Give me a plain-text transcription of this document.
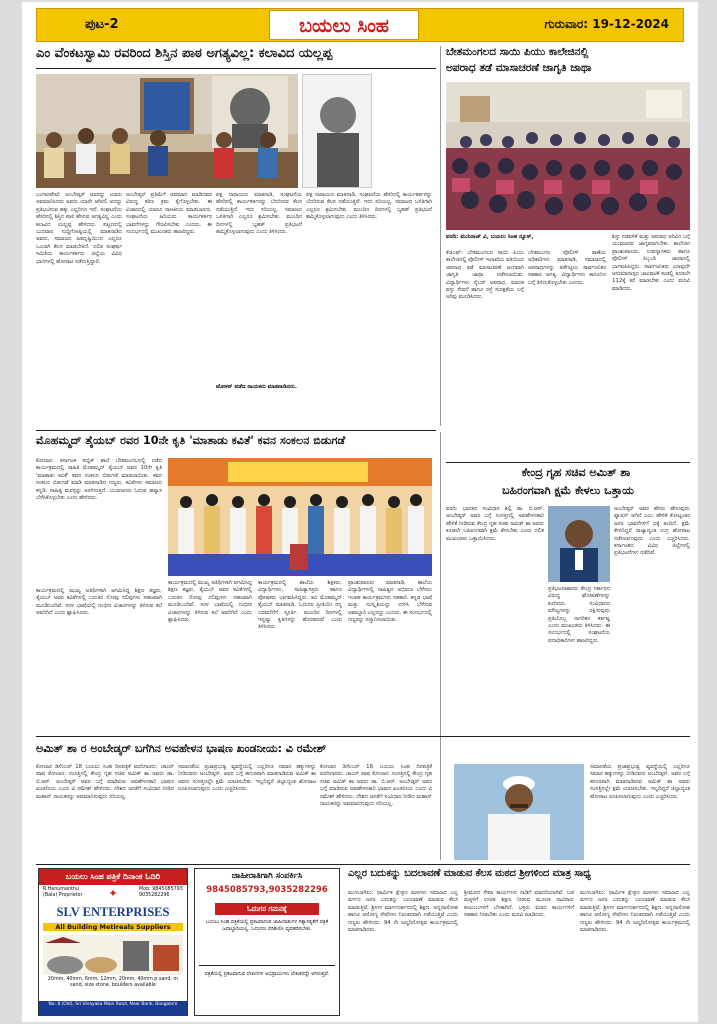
ಪುಟ-2	ಬಯಲು ಸಿಂಹ	ಗುರುವಾರ: 19-12-2024
ಎಂ ವೆಂಕಟಸ್ವಾಮಿ ರವರಿಂದ ಶಿಸ್ತಿನ ಪಾಠ ಅಗತ್ಯವಿಲ್ಲ: ಕಲಾವಿದ ಯಲ್ಲಪ್ಪ
ಬಂಗಾರಪೇಟೆ: ಅಂಬೇಡ್ಕರ್ ಅವರನ್ನು ಯಾರು ಅವಮಾನಿಸಿದರು ಅವರು ಯಾರೇ ಆಗಿರಲಿ ಅದನ್ನು ಪ್ರತಿಭಟಿಸುವ ಹಕ್ಕು ಎಲ್ಲರಿಗೂ ಇದೆ. ಸಂಘಟನೆಯ ಹೆಸರಿನಲ್ಲಿ ಶಿಸ್ತಿನ ಪಾಠ ಹೇಳುವ ಅಗತ್ಯವಿಲ್ಲ ಎಂದು ಕಲಾವಿದ ಯಲ್ಲಪ್ಪ ಹೇಳಿದರು. ಪಟ್ಟಣದಲ್ಲಿ ಬುಧವಾರ ಸುದ್ದಿಗೋಷ್ಠಿಯಲ್ಲಿ ಮಾತನಾಡಿದ ಅವರು, ಸಮಾಜದ ಹಿತದೃಷ್ಟಿಯಿಂದ ಎಲ್ಲರೂ ಒಂದಾಗಿ ಕೆಲಸ ಮಾಡಬೇಕಿದೆ. ದಲಿತ ಸಂಘರ್ಷ ಸಮಿತಿಯ ಕಾರ್ಯಕರ್ತರು ಜಿಲ್ಲೆಯ ವಿವಿಧ ಭಾಗಗಳಲ್ಲಿ ಹೋರಾಟ ನಡೆಸುತ್ತಿದ್ದಾರೆ.
ಅಂಬೇಡ್ಕರ್ ಪ್ರತಿಮೆಗೆ ಅವಮಾನ ಮಾಡಿದವರ ವಿರುದ್ಧ ಕಠಿಣ ಕ್ರಮ ಕೈಗೊಳ್ಳಬೇಕು. ಈ ವಿಚಾರದಲ್ಲಿ ಯಾರೂ ರಾಜಕೀಯ ಮಾಡಬಾರದು. ಸಂಘಟನೆಯ ಹಿರಿಯರು ಕಾರ್ಯಕರ್ತರ ಭಾವನೆಗಳನ್ನು ಗೌರವಿಸಬೇಕು ಎಂದರು. ಈ ಸಂದರ್ಭದಲ್ಲಿ ಮುಖಂಡರು ಹಾಜರಿದ್ದರು.
ಪಕ್ಷ ನಾರಾಯಣ ಮಾತನಾಡಿ, ಸಂಘಟನೆಯ ಹೆಸರಿನಲ್ಲಿ ಕಾರ್ಯಕರ್ತರನ್ನು ಬೆದರಿಸುವ ಕೆಲಸ ನಡೆಯುತ್ತಿದೆ. ಇದು ಸರಿಯಲ್ಲ. ಸಮಾಜದ ಒಳಿತಿಗಾಗಿ ಎಲ್ಲರೂ ಶ್ರಮಿಸಬೇಕು. ಮುಂದಿನ ದಿನಗಳಲ್ಲಿ ಬೃಹತ್ ಪ್ರತಿಭಟನೆ ಹಮ್ಮಿಕೊಳ್ಳಲಾಗುವುದು ಎಂದು ತಿಳಿಸಿದರು.
ಪಕ್ಷ ನಾರಾಯಣ ಮಾತನಾಡಿ, ಸಂಘಟನೆಯ ಹೆಸರಿನಲ್ಲಿ ಕಾರ್ಯಕರ್ತರನ್ನು ಬೆದರಿಸುವ ಕೆಲಸ ನಡೆಯುತ್ತಿದೆ. ಇದು ಸರಿಯಲ್ಲ. ಸಮಾಜದ ಒಳಿತಿಗಾಗಿ ಎಲ್ಲರೂ ಶ್ರಮಿಸಬೇಕು. ಮುಂದಿನ ದಿನಗಳಲ್ಲಿ ಬೃಹತ್ ಪ್ರತಿಭಟನೆ ಹಮ್ಮಿಕೊಳ್ಳಲಾಗುವುದು ಎಂದು ತಿಳಿಸಿದರು.
ಟೋಕನ್ ಪಡೆದ ನಾಯಕರು ಮಾತನಾಡಿದರು.
ಬೇತಮಂಗಲದ ಸಾಯಿ ಪಿಯು ಕಾಲೇಜಿನಲ್ಲಿ
ಅಪರಾಧ ತಡೆ ಮಾಸಾಚರಣೆ ಜಾಗೃತಿ ಜಾಥಾ
ವರದಿ: ಮುನಿರಾಜ್ ವಿ, ಬಯಲು ಸಿಂಹ ನ್ಯೂಸ್,
ಕೆಜಿಎಫ್: ಬೇತಮಂಗಲದ ಸಾಯಿ ಪಿಯು ಕಾಲೇಜಿನಲ್ಲಿ ಪೊಲೀಸ್ ಇಲಾಖೆಯ ವತಿಯಿಂದ ಅಪರಾಧ ತಡೆ ಮಾಸಾಚರಣೆ ಅಂಗವಾಗಿ ಜಾಗೃತಿ ಜಾಥಾ ನಡೆಸಲಾಯಿತು. ವಿದ್ಯಾರ್ಥಿಗಳು ಸೈಬರ್ ಅಪರಾಧ, ಮಾದಕ ವಸ್ತು ಸೇವನೆ ಹಾಗೂ ರಸ್ತೆ ಸುರಕ್ಷತೆಯ ಬಗ್ಗೆ ಅರಿವು ಮೂಡಿಸಿದರು.
ಬೇತಮಂಗಲ ಪೊಲೀಸ್ ಠಾಣೆಯ ಅಧಿಕಾರಿಗಳು ಮಾತನಾಡಿ, ಸಮಾಜದಲ್ಲಿ ಅಪರಾಧಗಳನ್ನು ತಡೆಗಟ್ಟಲು ಸಾರ್ವಜನಿಕರ ಸಹಕಾರ ಅಗತ್ಯ. ವಿದ್ಯಾರ್ಥಿಗಳು ಕಾನೂನಿನ ಬಗ್ಗೆ ತಿಳಿದುಕೊಳ್ಳಬೇಕು ಎಂದರು.
ಶಿಸ್ತು ನಡವಳಿಕೆ ಮತ್ತು ಅಪರಾಧ ಅರಿವಿನ ಬಗ್ಗೆ ಯುವಜನರು ಜಾಗೃತರಾಗಬೇಕು. ಕಾಲೇಜಿನ ಪ್ರಾಂಶುಪಾಲರು, ಉಪನ್ಯಾಸಕರು ಹಾಗೂ ಪೊಲೀಸ್ ಸಿಬ್ಬಂದಿ ಜಾಥಾದಲ್ಲಿ ಭಾಗವಹಿಸಿದ್ದರು. ಸಾರ್ವಜನಿಕರು ಯಾವುದೇ ಅನುಮಾನಾಸ್ಪದ ಚಟುವಟಿಕೆ ಕಂಡಲ್ಲಿ ಕೂಡಲೇ 112ಕ್ಕೆ ಕರೆ ಮಾಡಬೇಕು ಎಂದು ಮನವಿ ಮಾಡಿದರು.
ಮೊಹಮ್ಮದ್ ತೈಯಬ್ ರವರ 10ನೇ ಕೃತಿ 'ಮಾತಾಡು ಕವಿತೆ' ಕವನ ಸಂಕಲನ ಬಿಡುಗಡೆ
ಕೋಲಾರ: ಕರ್ನಾಟಕ ಪಬ್ಲಿಕ್ ಶಾಲೆ ಬೇತಮಂಗಲದಲ್ಲಿ ನಡೆದ ಕಾರ್ಯಕ್ರಮದಲ್ಲಿ ಸಾಹಿತಿ ಮೊಹಮ್ಮದ್ ತೈಯಬ್ ಅವರ 10ನೇ ಕೃತಿ 'ಮಾತಾಡು ಕವಿತೆ' ಕವನ ಸಂಕಲನ ಬಿಡುಗಡೆ ಮಾಡಲಾಯಿತು. ಕವನ ಸಂಕಲನ ಬಿಡುಗಡೆ ಮಾಡಿ ಮಾತನಾಡಿದ ಗಣ್ಯರು, ಕವಿತೆಗಳು ಸಮಾಜದ ಕನ್ನಡಿ. ಸಾಹಿತ್ಯ ಮನಸ್ಸನ್ನು ಅರಳಿಸುತ್ತದೆ. ಯುವಜನರು ಓದುವ ಹವ್ಯಾಸ ಬೆಳೆಸಿಕೊಳ್ಳಬೇಕು ಎಂದು ಹೇಳಿದರು.
ಕಾರ್ಯಕ್ರಮದಲ್ಲಿ ಮುಖ್ಯ ಅತಿಥಿಗಳಾಗಿ ಆಗಮಿಸಿದ್ದ ಶಿಕ್ಷಣ ತಜ್ಞರು, ತೈಯಬ್ ಅವರ ಕವಿತೆಗಳಲ್ಲಿ ಬದುಕಿನ ನೋವು ನಲಿವುಗಳು ಸಹಜವಾಗಿ ಮೂಡಿಬಂದಿವೆ. ಸರಳ ಭಾಷೆಯಲ್ಲಿ ಗಂಭೀರ ವಿಚಾರಗಳನ್ನು ತಿಳಿಸುವ ಕಲೆ ಅವರಿಗಿದೆ ಎಂದು ಶ್ಲಾಘಿಸಿದರು.
ಕಾರ್ಯಕ್ರಮದಲ್ಲಿ ಶಾಲೆಯ ಶಿಕ್ಷಕರು, ವಿದ್ಯಾರ್ಥಿಗಳು, ಸಾಹಿತ್ಯಾಸಕ್ತರು ಹಾಗೂ ಪೋಷಕರು ಭಾಗವಹಿಸಿದ್ದರು. ಕವಿ ಮೊಹಮ್ಮದ್ ತೈಯಬ್ ಮಾತನಾಡಿ, ಓದುಗರ ಪ್ರೀತಿಯೇ ನನ್ನ ಬರವಣಿಗೆಗೆ ಸ್ಫೂರ್ತಿ. ಮುಂದಿನ ದಿನಗಳಲ್ಲಿ ಇನ್ನಷ್ಟು ಕೃತಿಗಳನ್ನು ಹೊರತರುವೆ ಎಂದು ತಿಳಿಸಿದರು.
ಪ್ರಾಂಶುಪಾಲರು ಮಾತನಾಡಿ, ಶಾಲೆಯ ವಿದ್ಯಾರ್ಥಿಗಳಲ್ಲಿ ಸಾಹಿತ್ಯದ ಅಭಿರುಚಿ ಬೆಳೆಸಲು ಇಂತಹ ಕಾರ್ಯಕ್ರಮಗಳು ಸಹಕಾರಿ. ಕನ್ನಡ ಭಾಷೆ ಮತ್ತು ಸಂಸ್ಕೃತಿಯನ್ನು ಉಳಿಸಿ ಬೆಳೆಸುವ ಜವಾಬ್ದಾರಿ ಎಲ್ಲರದ್ದು ಎಂದರು. ಈ ಸಂದರ್ಭದಲ್ಲಿ ಗಣ್ಯರನ್ನು ಸನ್ಮಾನಿಸಲಾಯಿತು.
ಕಾರ್ಯಕ್ರಮದಲ್ಲಿ ಮುಖ್ಯ ಅತಿಥಿಗಳಾಗಿ ಆಗಮಿಸಿದ್ದ ಶಿಕ್ಷಣ ತಜ್ಞರು, ತೈಯಬ್ ಅವರ ಕವಿತೆಗಳಲ್ಲಿ ಬದುಕಿನ ನೋವು ನಲಿವುಗಳು ಸಹಜವಾಗಿ ಮೂಡಿಬಂದಿವೆ. ಸರಳ ಭಾಷೆಯಲ್ಲಿ ಗಂಭೀರ ವಿಚಾರಗಳನ್ನು ತಿಳಿಸುವ ಕಲೆ ಅವರಿಗಿದೆ ಎಂದು ಶ್ಲಾಘಿಸಿದರು.
ಕೇಂದ್ರ ಗೃಹ ಸಚಿವ ಅಮಿತ್ ಶಾ
ಬಹಿರಂಗವಾಗಿ ಕ್ಷಮೆ ಕೇಳಲು ಒತ್ತಾಯ
ವರದಿ: ಭಾರತದ ಸಂವಿಧಾನ ಶಿಲ್ಪಿ ಡಾ. ಬಿ.ಆರ್. ಅಂಬೇಡ್ಕರ್ ಅವರ ಬಗ್ಗೆ ಸಂಸತ್ತಿನಲ್ಲಿ ಅವಹೇಳನಕಾರಿ ಹೇಳಿಕೆ ನೀಡಿರುವ ಕೇಂದ್ರ ಗೃಹ ಸಚಿವ ಅಮಿತ್ ಶಾ ಅವರು ಕೂಡಲೇ ಬಹಿರಂಗವಾಗಿ ಕ್ಷಮೆ ಕೇಳಬೇಕು ಎಂದು ದಲಿತ ಮುಖಂಡರು ಒತ್ತಾಯಿಸಿದರು.
ಅಂಬೇಡ್ಕರ್ ಅವರ ಹೆಸರು ಹೇಳುವುದು ಫ್ಯಾಷನ್ ಆಗಿದೆ ಎಂಬ ಹೇಳಿಕೆ ಕೋಟ್ಯಂತರ ಜನರ ಭಾವನೆಗಳಿಗೆ ಧಕ್ಕೆ ತಂದಿದೆ. ಕ್ಷಮೆ ಕೇಳದಿದ್ದರೆ ರಾಜ್ಯಾದ್ಯಂತ ಉಗ್ರ ಹೋರಾಟ ನಡೆಸಲಾಗುವುದು ಎಂದು ಎಚ್ಚರಿಸಿದರು. ಕರ್ನಾಟಕದ ವಿವಿಧ ಜಿಲ್ಲೆಗಳಲ್ಲಿ ಪ್ರತಿಭಟನೆಗಳು ನಡೆದಿವೆ.
ಪ್ರತಿಭಟನಾಕಾರರು ಕೇಂದ್ರ ಸರ್ಕಾರದ ವಿರುದ್ಧ ಘೋಷಣೆಗಳನ್ನು ಕೂಗಿದರು. ಸಂವಿಧಾನದ ಮೌಲ್ಯಗಳನ್ನು ರಕ್ಷಿಸುವುದು ಪ್ರತಿಯೊಬ್ಬ ನಾಗರಿಕನ ಕರ್ತವ್ಯ ಎಂದು ಮುಖಂಡರು ತಿಳಿಸಿದರು. ಈ ಸಂದರ್ಭದಲ್ಲಿ ಸಂಘಟನೆಯ ಪದಾಧಿಕಾರಿಗಳು ಹಾಜರಿದ್ದರು.
ಅಮಿತ್ ಶಾ ರ ಅಂಬೇಡ್ಕರ್ ಬಗೆಗಿನ ಅವಹೇಳನ ಭಾಷಣ ಖಂಡನೀಯ: ವಿ ರಮೇಶ್
ಕೋಲಾರ ಡಿಸೆಂಬರ್ 18 ಬಯಲು ಸಿಂಹ ದಿನಪತ್ರಿಕೆ ವರದಿಗಾರರು: ಚಾಂದ್ ಪಾಷ ಕೋಲಾರ: ಸಂಸತ್ತಿನಲ್ಲಿ ಕೇಂದ್ರ ಗೃಹ ಸಚಿವ ಅಮಿತ್ ಶಾ ಅವರು ಡಾ. ಬಿ.ಆರ್. ಅಂಬೇಡ್ಕರ್ ಅವರ ಬಗ್ಗೆ ಮಾಡಿರುವ ಅವಹೇಳನಕಾರಿ ಭಾಷಣ ಖಂಡನೀಯ ಎಂದು ವಿ ರಮೇಶ್ ಹೇಳಿದರು. ದೇಶದ ಜನತೆಗೆ ಸಂವಿಧಾನ ನೀಡಿದ ಮಹಾನ್ ನಾಯಕರನ್ನು ಅವಮಾನಿಸುವುದು ಸರಿಯಲ್ಲ.
ಸಮಾನತೆಯ ಪ್ರಜಾಪ್ರಭುತ್ವ ವ್ಯವಸ್ಥೆಯಲ್ಲಿ ಎಲ್ಲರಿಗೂ ಸಮಾನ ಹಕ್ಕುಗಳನ್ನು ನೀಡಿದವರು ಅಂಬೇಡ್ಕರ್. ಅವರ ಬಗ್ಗೆ ಹಗುರವಾಗಿ ಮಾತನಾಡಿರುವ ಅಮಿತ್ ಶಾ ಅವರು ಸಂಸತ್ತಿನಲ್ಲೇ ಕ್ಷಮೆ ಯಾಚಿಸಬೇಕು. ಇಲ್ಲದಿದ್ದರೆ ಜಿಲ್ಲಾದ್ಯಂತ ಹೋರಾಟ ರೂಪಿಸಲಾಗುವುದು ಎಂದು ಎಚ್ಚರಿಸಿದರು.
ಕೋಲಾರ ಡಿಸೆಂಬರ್ 18 ಬಯಲು ಸಿಂಹ ದಿನಪತ್ರಿಕೆ ವರದಿಗಾರರು: ಚಾಂದ್ ಪಾಷ ಕೋಲಾರ: ಸಂಸತ್ತಿನಲ್ಲಿ ಕೇಂದ್ರ ಗೃಹ ಸಚಿವ ಅಮಿತ್ ಶಾ ಅವರು ಡಾ. ಬಿ.ಆರ್. ಅಂಬೇಡ್ಕರ್ ಅವರ ಬಗ್ಗೆ ಮಾಡಿರುವ ಅವಹೇಳನಕಾರಿ ಭಾಷಣ ಖಂಡನೀಯ ಎಂದು ವಿ ರಮೇಶ್ ಹೇಳಿದರು. ದೇಶದ ಜನತೆಗೆ ಸಂವಿಧಾನ ನೀಡಿದ ಮಹಾನ್ ನಾಯಕರನ್ನು ಅವಮಾನಿಸುವುದು ಸರಿಯಲ್ಲ.
ಸಮಾನತೆಯ ಪ್ರಜಾಪ್ರಭುತ್ವ ವ್ಯವಸ್ಥೆಯಲ್ಲಿ ಎಲ್ಲರಿಗೂ ಸಮಾನ ಹಕ್ಕುಗಳನ್ನು ನೀಡಿದವರು ಅಂಬೇಡ್ಕರ್. ಅವರ ಬಗ್ಗೆ ಹಗುರವಾಗಿ ಮಾತನಾಡಿರುವ ಅಮಿತ್ ಶಾ ಅವರು ಸಂಸತ್ತಿನಲ್ಲೇ ಕ್ಷಮೆ ಯಾಚಿಸಬೇಕು. ಇಲ್ಲದಿದ್ದರೆ ಜಿಲ್ಲಾದ್ಯಂತ ಹೋರಾಟ ರೂಪಿಸಲಾಗುವುದು ಎಂದು ಎಚ್ಚರಿಸಿದರು.
ಬಯಲು ಸಿಂಹ ಪತ್ರಿಕೆ ದಿನಾಂಕ ಓದಿರಿ
R.Hanumanthu (Bala) Proprietor	✦	Mob: 9845085793 9035282296
SLV ENTERPRISES
All Building Metireals Suppliers
20mm, 40mm, 6mm, 12mm, 20mm, 40mm p sand, m sand, size stone, boulders available
No: 8 (Old), Sri Vinayaka Main Road, Near Bank, Bangalore
ಜಾಹೀರಾತಿಗಾಗಿ ಸಂಪರ್ಕಿಸಿ
9845085793,9035282296
ಓದುಗರ ಗಮನಕ್ಕೆ
ಬಯಲು ಸಿಂಹ ಪತ್ರಿಕೆಯಲ್ಲಿ ಪ್ರಕಟವಾಗುವ ಜಾಹೀರಾತುಗಳ ಸತ್ಯಾಸತ್ಯತೆಗೆ ಪತ್ರಿಕೆ ಜವಾಬ್ದಾರಿಯಲ್ಲ. ಓದುಗರು ಪರಿಶೀಲಿಸಿ ವ್ಯವಹರಿಸಬೇಕು.
ಪತ್ರಿಕೆಯಲ್ಲಿ ಪ್ರಕಟವಾಗುವ ಲೇಖನಗಳ ಅಭಿಪ್ರಾಯಗಳು ಲೇಖಕರದ್ದೇ ಆಗಿರುತ್ತವೆ.
ಎಲ್ಲರ ಬದುಕನ್ನು ಬದಲಾವಣೆ ಮಾಡುವ ಕೆಲಸ ಮಠದ ಶ್ರೀಗಳಿಂದ ಮಾತ್ರ ಸಾಧ್ಯ
ಮುಳಬಾಗಿಲು: ಧಾರ್ಮಿಕ ಕ್ಷೇತ್ರದ ಮಠಗಳು ಸಮಾಜದ ಎಲ್ಲ ವರ್ಗದ ಜನರ ಬದುಕನ್ನು ಬದಲಾವಣೆ ಮಾಡುವ ಕೆಲಸ ಮಾಡುತ್ತಿವೆ. ಶ್ರೀಗಳ ಮಾರ್ಗದರ್ಶನದಲ್ಲಿ ಶಿಕ್ಷಣ, ಅನ್ನದಾಸೋಹ ಹಾಗೂ ಆರೋಗ್ಯ ಸೇವೆಗಳು ನಿರಂತರವಾಗಿ ನಡೆಯುತ್ತಿವೆ ಎಂದು ಗಣ್ಯರು ಹೇಳಿದರು. 94 ನೇ ಜನ್ಮದಿನೋತ್ಸವ ಕಾರ್ಯಕ್ರಮದಲ್ಲಿ ಮಾತನಾಡಿದರು.
ಶ್ರೀಮಠದ ಸೇವಾ ಕಾರ್ಯಗಳು ನಾಡಿಗೆ ಮಾದರಿಯಾಗಿವೆ. ಬಡ ಮಕ್ಕಳಿಗೆ ಉಚಿತ ಶಿಕ್ಷಣ ನೀಡುವ ಮೂಲಕ ಸಾವಿರಾರು ಕುಟುಂಬಗಳಿಗೆ ಬೆಳಕಾಗಿದೆ. ಭಕ್ತರು ಮಠದ ಕಾರ್ಯಗಳಿಗೆ ಸಹಕಾರ ನೀಡಬೇಕು ಎಂದು ಮನವಿ ಮಾಡಿದರು.
ಮುಳಬಾಗಿಲು: ಧಾರ್ಮಿಕ ಕ್ಷೇತ್ರದ ಮಠಗಳು ಸಮಾಜದ ಎಲ್ಲ ವರ್ಗದ ಜನರ ಬದುಕನ್ನು ಬದಲಾವಣೆ ಮಾಡುವ ಕೆಲಸ ಮಾಡುತ್ತಿವೆ. ಶ್ರೀಗಳ ಮಾರ್ಗದರ್ಶನದಲ್ಲಿ ಶಿಕ್ಷಣ, ಅನ್ನದಾಸೋಹ ಹಾಗೂ ಆರೋಗ್ಯ ಸೇವೆಗಳು ನಿರಂತರವಾಗಿ ನಡೆಯುತ್ತಿವೆ ಎಂದು ಗಣ್ಯರು ಹೇಳಿದರು. 94 ನೇ ಜನ್ಮದಿನೋತ್ಸವ ಕಾರ್ಯಕ್ರಮದಲ್ಲಿ ಮಾತನಾಡಿದರು.
